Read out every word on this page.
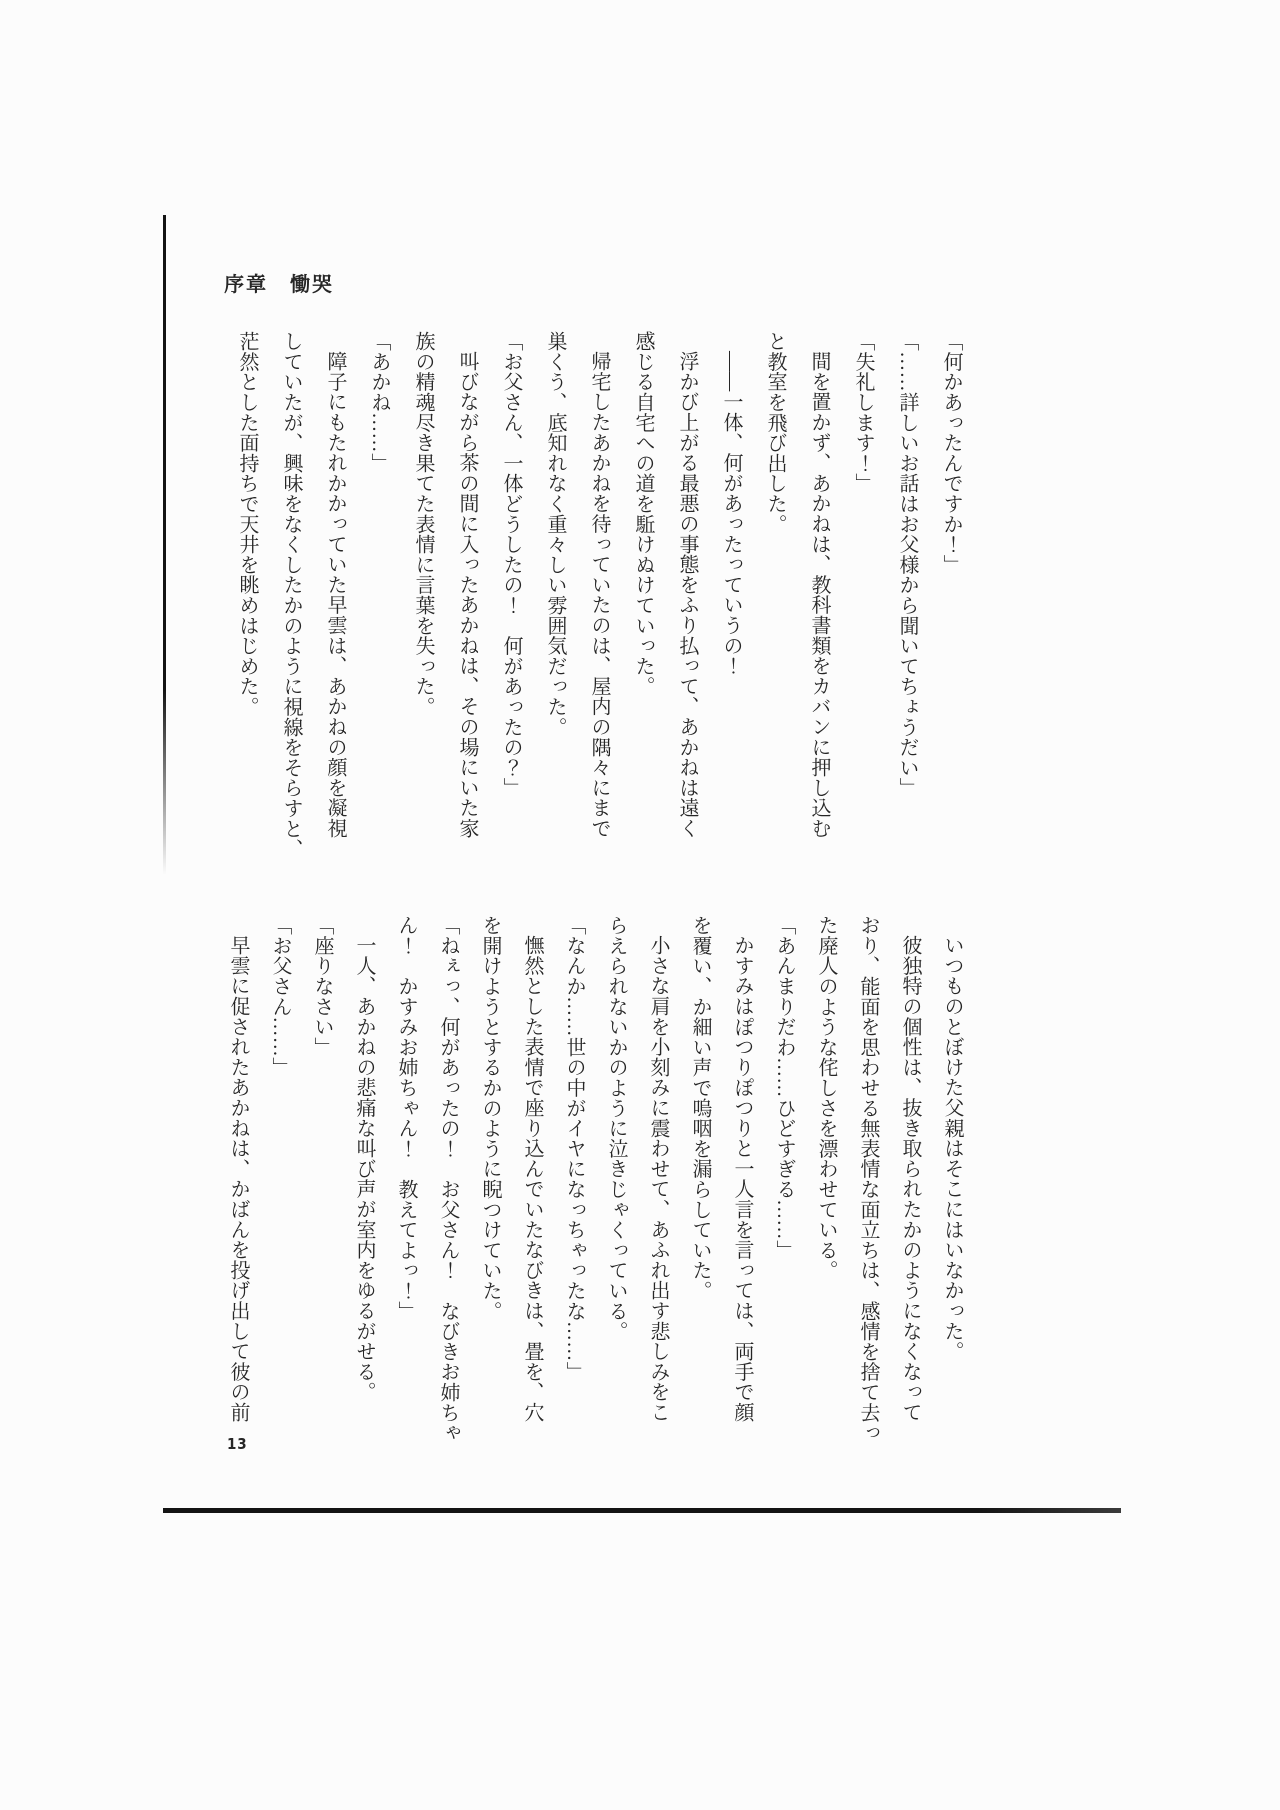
序章　慟哭
「何かあったんですか！」
「……詳しいお話はお父様から聞いてちょうだい」
「失礼します！」
間を置かず、あかねは、教科書類をカバンに押し込む
と教室を飛び出した。
――一体、何があったっていうの！
浮かび上がる最悪の事態をふり払って、あかねは遠く
感じる自宅への道を駈けぬけていった。
帰宅したあかねを待っていたのは、屋内の隅々にまで
巣くう、底知れなく重々しい雰囲気だった。
「お父さん、一体どうしたの！　何があったの？」
叫びながら茶の間に入ったあかねは、その場にいた家
族の精魂尽き果てた表情に言葉を失った。
「あかね……」
障子にもたれかかっていた早雲は、あかねの顔を凝視
していたが、興味をなくしたかのように視線をそらすと、
茫然とした面持ちで天井を眺めはじめた。
いつものとぼけた父親はそこにはいなかった。
彼独特の個性は、抜き取られたかのようになくなって
おり、能面を思わせる無表情な面立ちは、感情を捨て去っ
た廃人のような侘しさを漂わせている。
「あんまりだわ……ひどすぎる……」
かすみはぽつりぽつりと一人言を言っては、両手で顔
を覆い、か細い声で嗚咽を漏らしていた。
小さな肩を小刻みに震わせて、あふれ出す悲しみをこ
らえられないかのように泣きじゃくっている。
「なんか……世の中がイヤになっちゃったな……」
憮然とした表情で座り込んでいたなびきは、畳を、穴
を開けようとするかのように睨つけていた。
「ねぇっ、何があったの！　お父さん！　なびきお姉ちゃ
ん！　かすみお姉ちゃん！　教えてよっ！」
一人、あかねの悲痛な叫び声が室内をゆるがせる。
「座りなさい」
「お父さん……」
早雲に促されたあかねは、かばんを投げ出して彼の前
13
